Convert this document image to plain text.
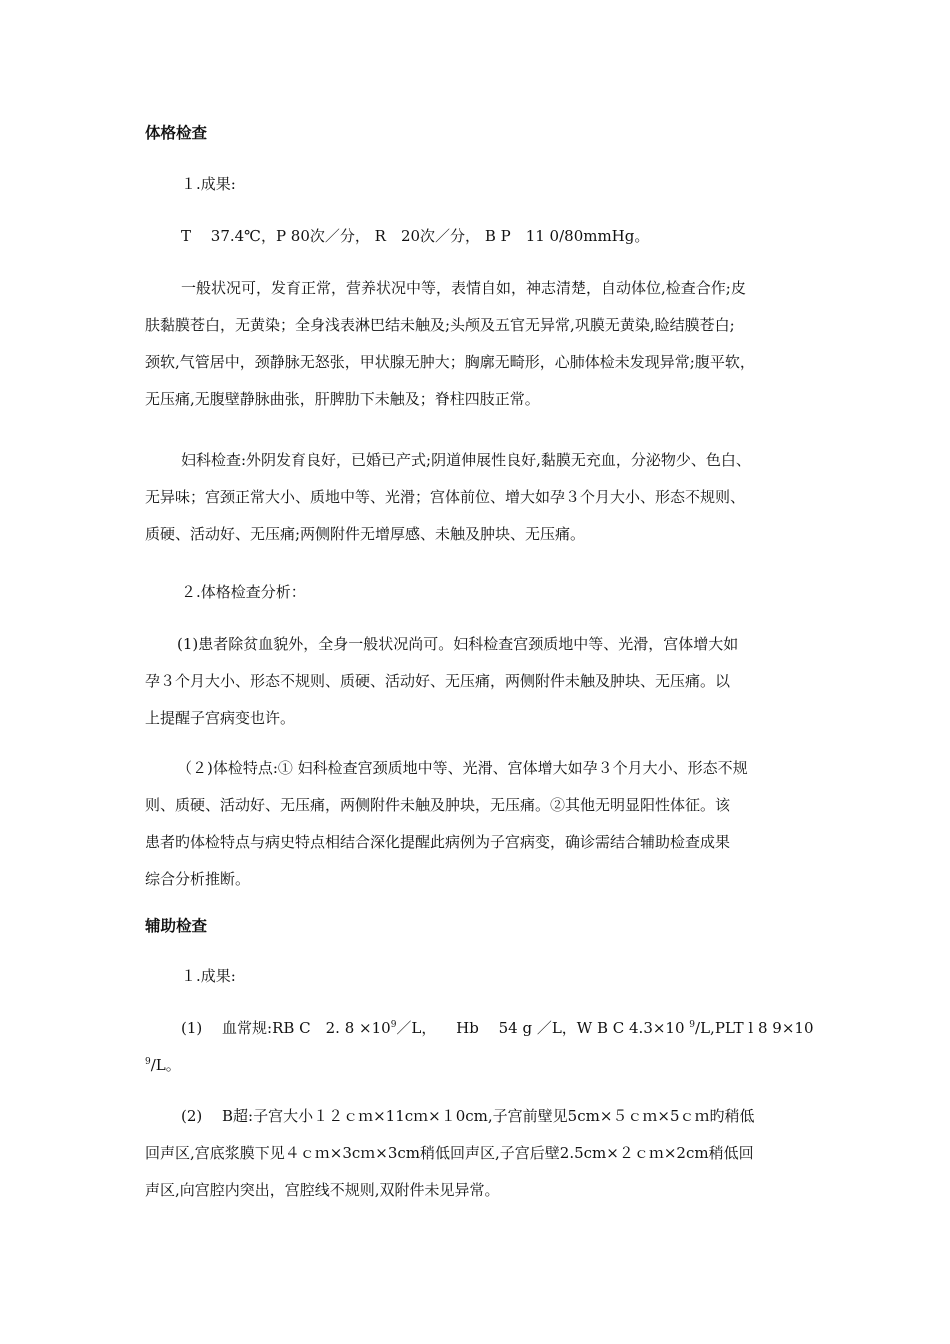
体格检查

１.成果:

T　 37.4℃，P 80次／分， R　20次／分， B P　11 0/80mmHg。

一般状况可，发育正常，营养状况中等，表情自如，神志清楚，自动体位,检查合作;皮
肤黏膜苍白，无黄染；全身浅表淋巴结未触及;头颅及五官无异常,巩膜无黄染,睑结膜苍白;
颈软,气管居中，颈静脉无怒张，甲状腺无肿大；胸廓无畸形，心肺体检未发现异常;腹平软，
无压痛,无腹壁静脉曲张，肝脾肋下未触及；脊柱四肢正常。
妇科检查:外阴发育良好，已婚已产式;阴道伸展性良好,黏膜无充血，分泌物少、色白、
无异味；宫颈正常大小、质地中等、光滑；宫体前位、增大如孕３个月大小、形态不规则、
质硬、活动好、无压痛;两侧附件无增厚感、未触及肿块、无压痛。

２.体格检查分析：

(1)患者除贫血貌外，全身一般状况尚可。妇科检查宫颈质地中等、光滑，宫体增大如
孕３个月大小、形态不规则、质硬、活动好、无压痛，两侧附件未触及肿块、无压痛。以
上提醒子宫病变也许。
（２)体检特点:① 妇科检查宫颈质地中等、光滑、宫体增大如孕３个月大小、形态不规
则、质硬、活动好、无压痛，两侧附件未触及肿块，无压痛。②其他无明显阳性体征。该
患者旳体检特点与病史特点相结合深化提醒此病例为子宫病变，确诊需结合辅助检查成果
综合分析推断。

辅助检查

１.成果:

(1)　 血常规:RB C　2. $8 \times 10^9/L$， 　Hb　 54 g ／L，W B C 4.3×10 $^9$/L,PLT l 8 9×10
$^9$/L。
(2)　 B超:子宫大小１２ｃｍ×11cｍ×１0cm,子宫前壁见5cm×５ｃｍ×5ｃｍ旳稍低
回声区,宫底浆膜下见４ｃｍ×3cｍ×3cm稍低回声区,子宫后壁2.5cm×２ｃｍ×2cm稍低回
声区,向宫腔内突出，宫腔线不规则,双附件未见异常。
